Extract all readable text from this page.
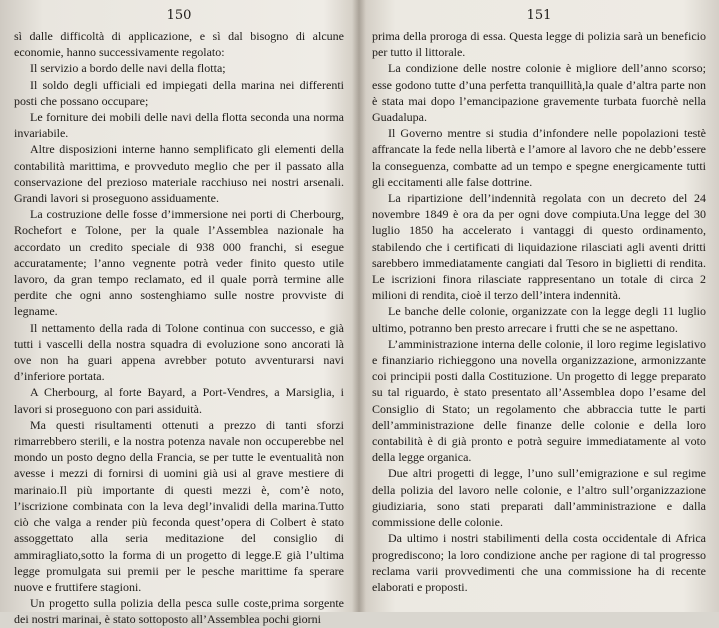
150

sì dalle difficoltà di applicazione, e sì dal bisogno di alcune economie, hanno successivamente regolato:

Il servizio a bordo delle navi della flotta;

Il soldo degli ufficiali ed impiegati della marina nei differenti posti che possano occupare;

Le forniture dei mobili delle navi della flotta seconda una norma invariabile.

Altre disposizioni interne hanno semplificato gli elementi della contabilità marittima, e provveduto meglio che per il passato alla conservazione del prezioso materiale racchiuso nei nostri arsenali. Grandi lavori si proseguono assiduamente.

La costruzione delle fosse d’immersione nei porti di Cherbourg, Rochefort e Tolone, per la quale l’Assemblea nazionale ha accordato un credito speciale di 938 000 franchi, si esegue accuratamente; l’anno vegnente potrà veder finito questo utile lavoro, da gran tempo reclamato, ed il quale porrà termine alle perdite che ogni anno sostenghiamo sulle nostre provviste di legname.

Il nettamento della rada di Tolone continua con successo, e già tutti i vascelli della nostra squadra di evoluzione sono ancorati là ove non ha guari appena avrebber potuto avventurarsi navi d’inferiore portata.

A Cherbourg, al forte Bayard, a Port-Vendres, a Marsiglia, i lavori si proseguono con pari assiduità.

Ma questi risultamenti ottenuti a prezzo di tanti sforzi rimarrebbero sterili, e la nostra potenza navale non occuperebbe nel mondo un posto degno della Francia, se per tutte le eventualità non avesse i mezzi di fornirsi di uomini già usi al grave mestiere di marinaio.Il più importante di questi mezzi è, com’è noto, l’iscrizione combinata con la leva degl’invalidi della marina.Tutto ciò che valga a render più feconda quest’opera di Colbert è stato assoggettato alla seria meditazione del consiglio di ammiragliato,sotto la forma di un progetto di legge.E già l’ultima legge promulgata sui premii per le pesche marittime fa sperare nuove e fruttifere stagioni.

Un progetto sulla polizia della pesca sulle coste,prima sorgente dei nostri marinai, è stato sottoposto all’Assemblea pochi giorni

151

prima della proroga di essa. Questa legge di polizia sarà un beneficio per tutto il littorale.

La condizione delle nostre colonie è migliore dell’anno scorso; esse godono tutte d’una perfetta tranquillità,la quale d’altra parte non è stata mai dopo l’emancipazione gravemente turbata fuorchè nella Guadalupa.

Il Governo mentre si studia d’infondere nelle popolazioni testè affrancate la fede nella libertà e l’amore al lavoro che ne debb’essere la conseguenza, combatte ad un tempo e spegne energicamente tutti gli eccitamenti alle false dottrine.

La ripartizione dell’indennità regolata con un decreto del 24 novembre 1849 è ora da per ogni dove compiuta.Una legge del 30 luglio 1850 ha accelerato i vantaggi di questo ordinamento, stabilendo che i certificati di liquidazione rilasciati agli aventi dritti sarebbero immediatamente cangiati dal Tesoro in biglietti di rendita. Le iscrizioni finora rilasciate rappresentano un totale di circa 2 milioni di rendita, cioè il terzo dell’intera indennità.

Le banche delle colonie, organizzate con la legge degli 11 luglio ultimo, potranno ben presto arrecare i frutti che se ne aspettano.

L’amministrazione interna delle colonie, il loro regime legislativo e finanziario richieggono una novella organizzazione, armonizzante coi principii posti dalla Costituzione. Un progetto di legge preparato su tal riguardo, è stato presentato all’Assemblea dopo l’esame del Consiglio di Stato; un regolamento che abbraccia tutte le parti dell’amministrazione delle finanze delle colonie e della loro contabilità è di già pronto e potrà seguire immediatamente al voto della legge organica.

Due altri progetti di legge, l’uno sull’emigrazione e sul regime della polizia del lavoro nelle colonie, e l’altro sull’organizzazione giudiziaria, sono stati preparati dall’amministrazione e dalla commissione delle colonie.

Da ultimo i nostri stabilimenti della costa occidentale di Africa progrediscono; la loro condizione anche per ragione di tal progresso reclama varii provvedimenti che una commissione ha di recente elaborati e proposti.
